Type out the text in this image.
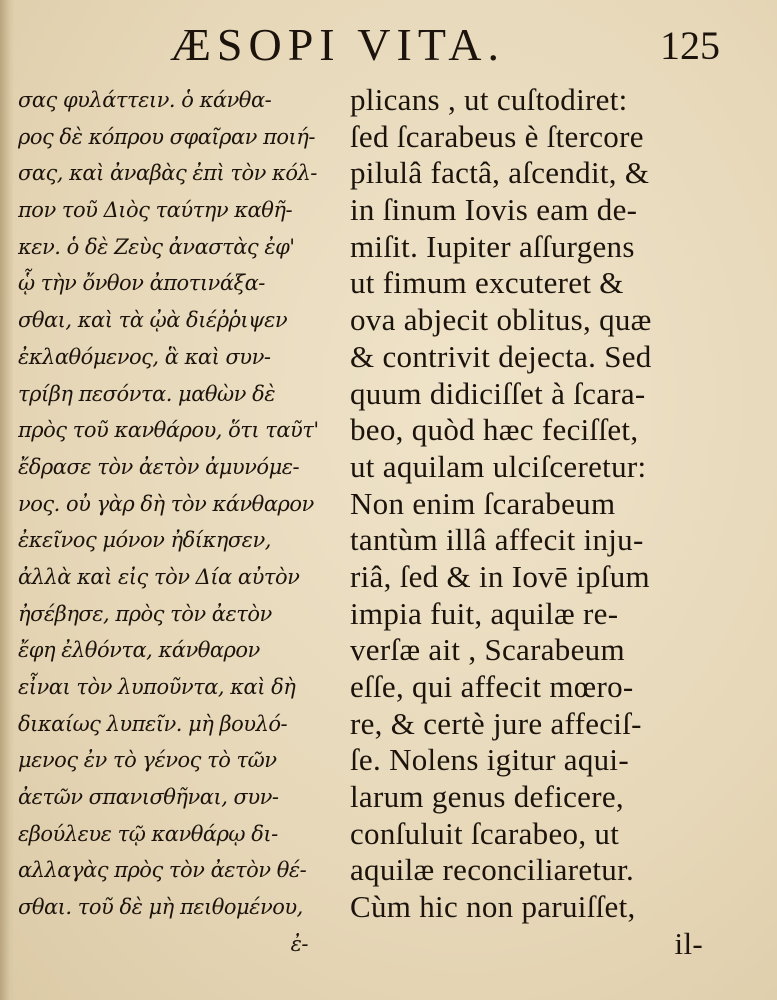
ÆSOPI VITA.	125
σας φυλάττειν. ὁ κάνθα-
ρος δὲ κόπρου σφαῖραν ποιή-
σας, καὶ ἀναβὰς ἐπὶ τὸν κόλ-
πον τοῦ Διὸς ταύτην καθῆ-
κεν. ὁ δὲ Ζεὺς ἀναστὰς ἐφ'
ᾧ τὴν ὄνθον ἀποτινάξα-
σθαι, καὶ τὰ ᾠὰ διέῤῥιψεν
ἐκλαθόμενος, ἃ καὶ συν-
τρίβη πεσόντα. μαθὼν δὲ
πρὸς τοῦ κανθάρου, ὅτι ταῦτ'
ἔδρασε τὸν ἀετὸν ἀμυνόμε-
νος. οὐ γὰρ δὴ τὸν κάνθαρον
ἐκεῖνος μόνον ἠδίκησεν,
ἀλλὰ καὶ εἰς τὸν Δία αὐτὸν
ἠσέβησε, πρὸς τὸν ἀετὸν
ἔφη ἐλθόντα, κάνθαρον
εἶναι τὸν λυποῦντα, καὶ δὴ
δικαίως λυπεῖν. μὴ βουλό-
μενος ἐν τὸ γένος τὸ τῶν
ἀετῶν σπανισθῆναι, συν-
εβούλευε τῷ κανθάρῳ δι-
αλλαγὰς πρὸς τὸν ἀετὸν θέ-
σθαι. τοῦ δὲ μὴ πειθομένου,
ἐ-
plicans , ut cuſtodiret:
ſed ſcarabeus è ſtercore
pilulâ factâ, aſcendit, &
in ſinum Iovis eam de-
miſit. Iupiter aſſurgens
ut fimum excuteret &
ova abjecit oblitus, quæ
& contrivit dejecta. Sed
quum didiciſſet à ſcara-
beo, quòd hæc feciſſet,
ut aquilam ulciſceretur:
Non enim ſcarabeum
tantùm illâ affecit inju-
riâ, ſed & in Iovē ipſum
impia fuit, aquilæ re-
verſæ ait , Scarabeum
eſſe, qui affecit mœro-
re, & certè jure affeciſ-
ſe. Nolens igitur aqui-
larum genus deficere,
conſuluit ſcarabeo, ut
aquilæ reconciliaretur.
Cùm hic non paruiſſet,
il-
